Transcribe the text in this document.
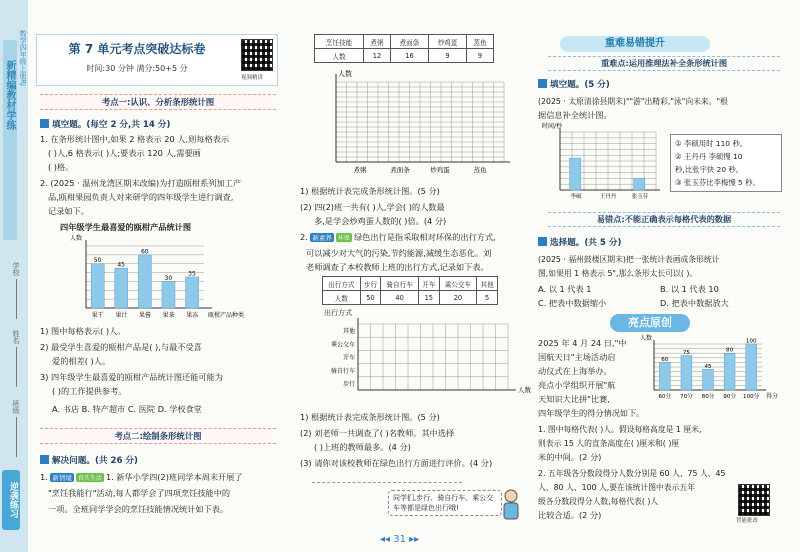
新精编教材学练
数学四年级上册RJ
学校
姓名
班级
逆袭练习
第 7 单元考点突破达标卷
时间:30 分钟 满分:50+5 分
视频精讲
考点一:认识、分析条形统计图
填空题。(每空 2 分,共 14 分)
1. 在条形统计图中,如果 2 格表示 20 人,则每格表示
( )人,6 格表示( )人;要表示 120 人,需要画
( )格。
2. (2025 · 温州龙湾区期末改编)为打造瓯柑系列加工产
品,瓯柑果园负责人对来研学的四年级学生进行调查,
记录如下。
四年级学生最喜爱的瓯柑产品统计图
人数
50
果干
45
果汁
60
果酱
30
果茶
35
果冻 瓯柑产品种类
1) 图中每格表示( )人。
2) 最受学生喜爱的瓯柑产品是( ),与最不受喜
爱的相差( )人。
3) 四年级学生最喜爱的瓯柑产品统计图还能可能为
( )的工作提供参考。
A. 书店 B. 特产超市 C. 医院 D. 学校食堂
考点二:绘制条形统计图
解决问题。(共 26 分)
1. 新情境 真实生活 1. 新华小学四(2)班同学本周末开展了
"烹饪我能行"活动,每人都学会了四项烹饪技能中的
一项。全班同学学会的烹饪技能情况统计如下表。
烹饪技能	煮粥	煮面条	炒鸡蛋	蒸鱼
人数	12	16	9	9
人数
煮粥	煮面条	炒鸡蛋	蒸鱼
1) 根据统计表完成条形统计图。(5 分)
(2) 四(2)班一共有( )人,学会( )的人数最
多,是学会炒鸡蛋人数的( )倍。(4 分)
2. 新素养 环保 绿色出行是指采取相对环保的出行方式,
可以减少对大气的污染,节约能源,减缓生态恶化。刘
老师调查了本校教师上班的出行方式,记录如下表。
出行方式	步行	骑自行车	开车	乘公交车	其他
人数	50	40	15	20	5
出行方式
其他
乘公交车
开车
骑自行车
步行
人数
1) 根据统计表完成条形统计图。(5 分)
(2) 刘老师一共调查了( )名教师。其中选择
( )上班的教师最多。(4 分)
(3) 请你对该校教师在绿色出行方面进行评价。(4 分)
同学们,步行、骑自行车、乘公交车等都是绿色出行哦!
◂◂ 31 ▸▸
重难易错提升
重难点:运用推理法补全条形统计图
填空题。(5 分)
(2025 · 太原清徐县期末)""游"出精彩,"泳"向未来。"根
据信息补全统计图。
时间/秒
李硕	王丹丹	张玉芬
① 李硕用时 110 秒。
② 王丹丹 李硕慢 10
秒,比张宇快 20 秒。
③ 张玉芬比李梅慢 5 秒。
易错点:不能正确表示每格代表的数据
选择题。(共 5 分)
(2025 · 福州鼓楼区期末)把一张统计表画成条形统计
图,如果用 1 格表示 5",那么条形太长可以( )。
A. 以 1 代表 1	B. 以 1 代表 10
C. 把表中数据缩小	D. 把表中数据放大
亮点原创
2025 年 4 月 24 日,"中
国航天日"主场活动启
动仪式在上海举办。
亮点小学组织开展"航
天知识大比拼"比赛,
四年级学生的得分情况如下。
人数
60
60分
75
70分
45
80分
80
90分
100
100分 得分
1. 图中每格代表( )人。假设每格高度是 1 厘米,
则表示 15 人的直条高度在( )厘米和( )厘
米的中间。(2 分)
2. 五年级各分数段得分人数分别是 60 人、75 人、45
人、80 人、100 人,要在该统计图中表示五年
级各分数段得分人数,每格代表( )人
比较合适。(2 分)
智能批改
